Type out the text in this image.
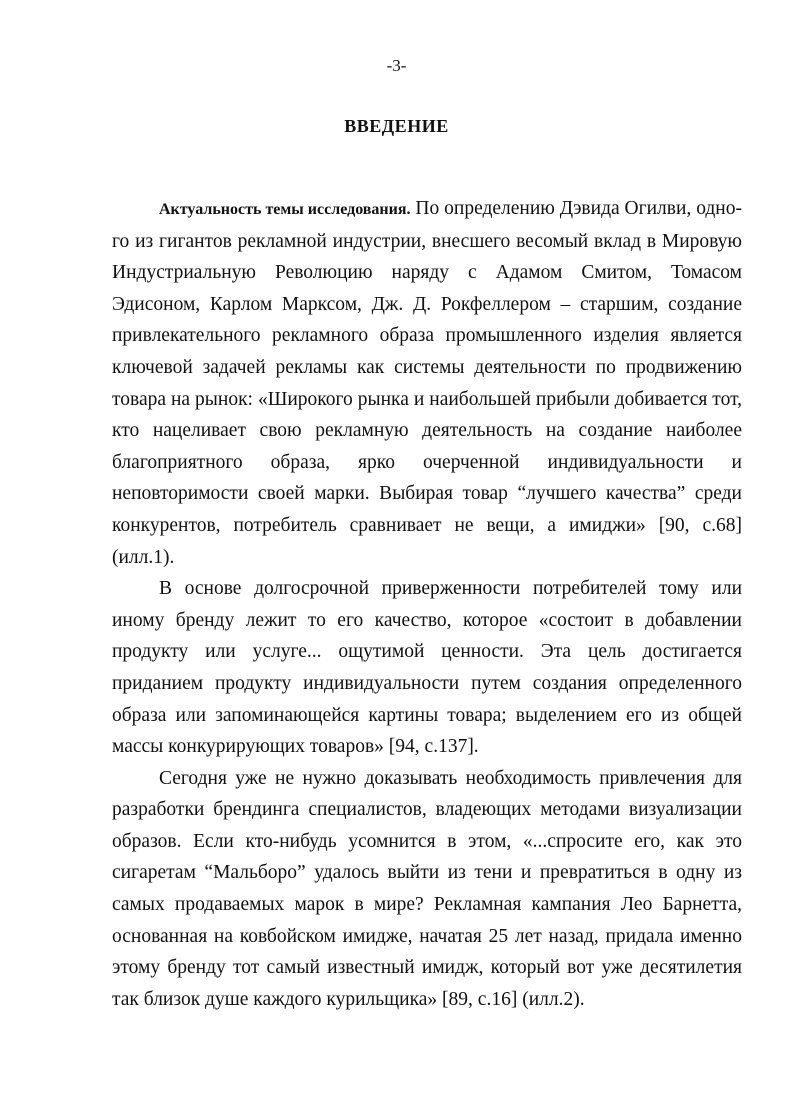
-3-
ВВЕДЕНИЕ

Актуальность темы исследования. По определению Дэвида Огилви, одного из гигантов рекламной индустрии, внесшего весомый вклад в Мировую Индустриальную Революцию наряду с Адамом Смитом, Томасом Эдисоном, Карлом Марксом, Дж. Д. Рокфеллером – старшим, создание привлекательного рекламного образа промышленного изделия является ключевой задачей рекламы как системы деятельности по продвижению товара на рынок: «Широкого рынка и наибольшей прибыли добивается тот, кто нацеливает свою рекламную деятельность на создание наиболее благоприятного образа, ярко очерченной индивидуальности и неповторимости своей марки. Выбирая товар “лучшего качества” среди конкурентов, потребитель сравнивает не вещи, а имиджи» [90, с.68] (илл.1).

В основе долгосрочной приверженности потребителей тому или иному бренду лежит то его качество, которое «состоит в добавлении продукту или услуге... ощутимой ценности. Эта цель достигается приданием продукту индивидуальности путем создания определенного образа или запоминающейся картины товара; выделением его из общей массы конкурирующих товаров» [94, с.137].

Сегодня уже не нужно доказывать необходимость привлечения для разработки брендинга специалистов, владеющих методами визуализации образов. Если кто-нибудь усомнится в этом, «...спросите его, как это сигаретам “Мальборо” удалось выйти из тени и превратиться в одну из самых продаваемых марок в мире? Рекламная кампания Лео Барнетта, основанная на ковбойском имидже, начатая 25 лет назад, придала именно этому бренду тот самый известный имидж, который вот уже десятилетия так близок душе каждого курильщика» [89, с.16] (илл.2).
